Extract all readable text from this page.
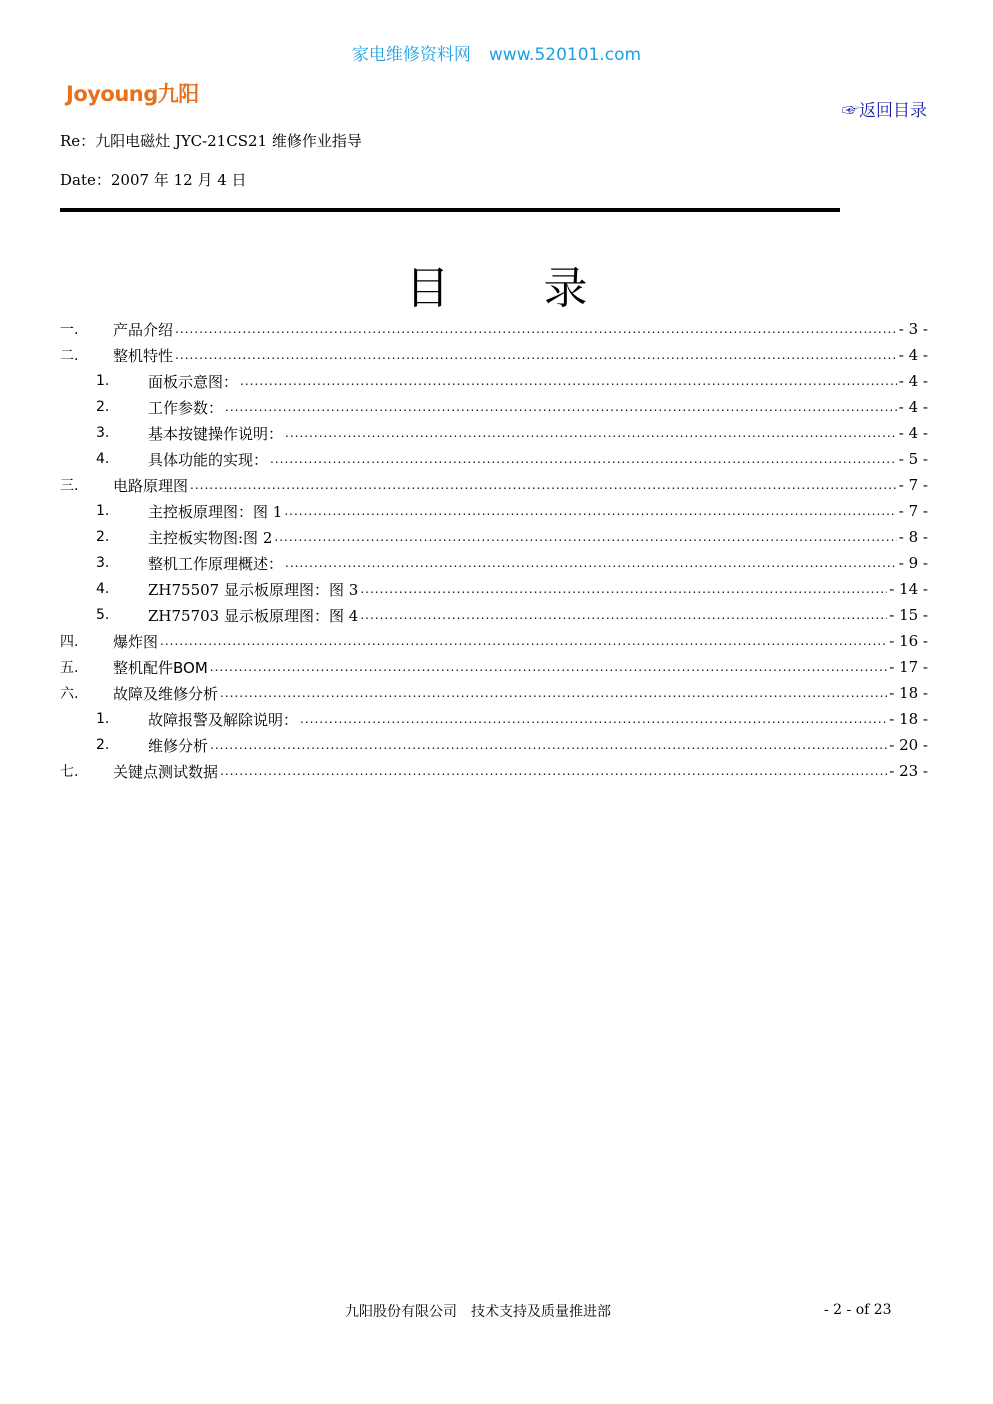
家电维修资料网 www.520101.com
Joyoung九阳
☞返回目录
Re：九阳电磁灶 JYC-21CS21 维修作业指导
Date：2007 年 12 月 4 日
目 录
一.	产品介绍 .....	- 3 -
二.	整机特性 .....	- 4 -
1.	面板示意图： .....	- 4 -
2.	工作参数： .....	- 4 -
3.	基本按键操作说明： .....	- 4 -
4.	具体功能的实现： .....	- 5 -
三.	电路原理图 .....	- 7 -
1.	主控板原理图：图 1 .....	- 7 -
2.	主控板实物图:图 2 .....	- 8 -
3.	整机工作原理概述： .....	- 9 -
4.	ZH75507 显示板原理图：图 3 .....	- 14 -
5.	ZH75703 显示板原理图：图 4 .....	- 15 -
四.	爆炸图 .....	- 16 -
五.	整机配件BOM .....	- 17 -
六.	故障及维修分析 .....	- 18 -
1.	故障报警及解除说明： .....	- 18 -
2.	维修分析 .....	- 20 -
七.	关键点测试数据 .....	- 23 -
九阳股份有限公司 技术支持及质量推进部	- 2 - of 23
